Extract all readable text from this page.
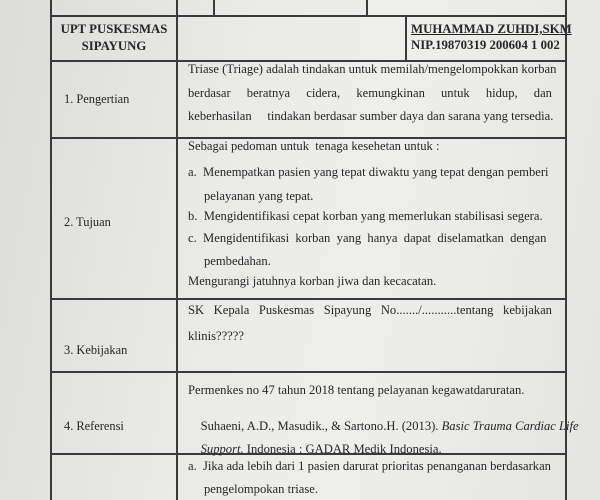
UPT PUSKESMAS
SIPAYUNG
MUHAMMAD ZUHDI,SKM
NIP.19870319 200604 1 002
1. Pengertian
Triase (Triage) adalah tindakan untuk memilah/mengelompokkan korban
berdasar beratnya cidera, kemungkinan untuk hidup, dan
keberhasilan     tindakan berdasar sumber daya dan sarana yang tersedia.
2. Tujuan
Sebagai pedoman untuk  tenaga kesehetan untuk :
a.  Menempatkan pasien yang tepat diwaktu yang tepat dengan pemberi
pelayanan yang tepat.
b.  Mengidentifikasi cepat korban yang memerlukan stabilisasi segera.
c.  Mengidentifikasi  korban  yang  hanya  dapat  diselamatkan  dengan
pembedahan.
Mengurangi jatuhnya korban jiwa dan kecacatan.
3. Kebijakan
SK Kepala Puskesmas Sipayung No......./...........tentang kebijakan
klinis?????
4. Referensi
Permenkes no 47 tahun 2018 tentang pelayanan kegawatdaruratan.

Suhaeni, A.D., Masudik., & Sartono.H. (2013). Basic Trauma Cardiac Life

Support. Indonesia : GADAR Medik Indonesia.

a.  Jika ada lebih dari 1 pasien darurat prioritas penanganan berdasarkan
pengelompokan triase.
